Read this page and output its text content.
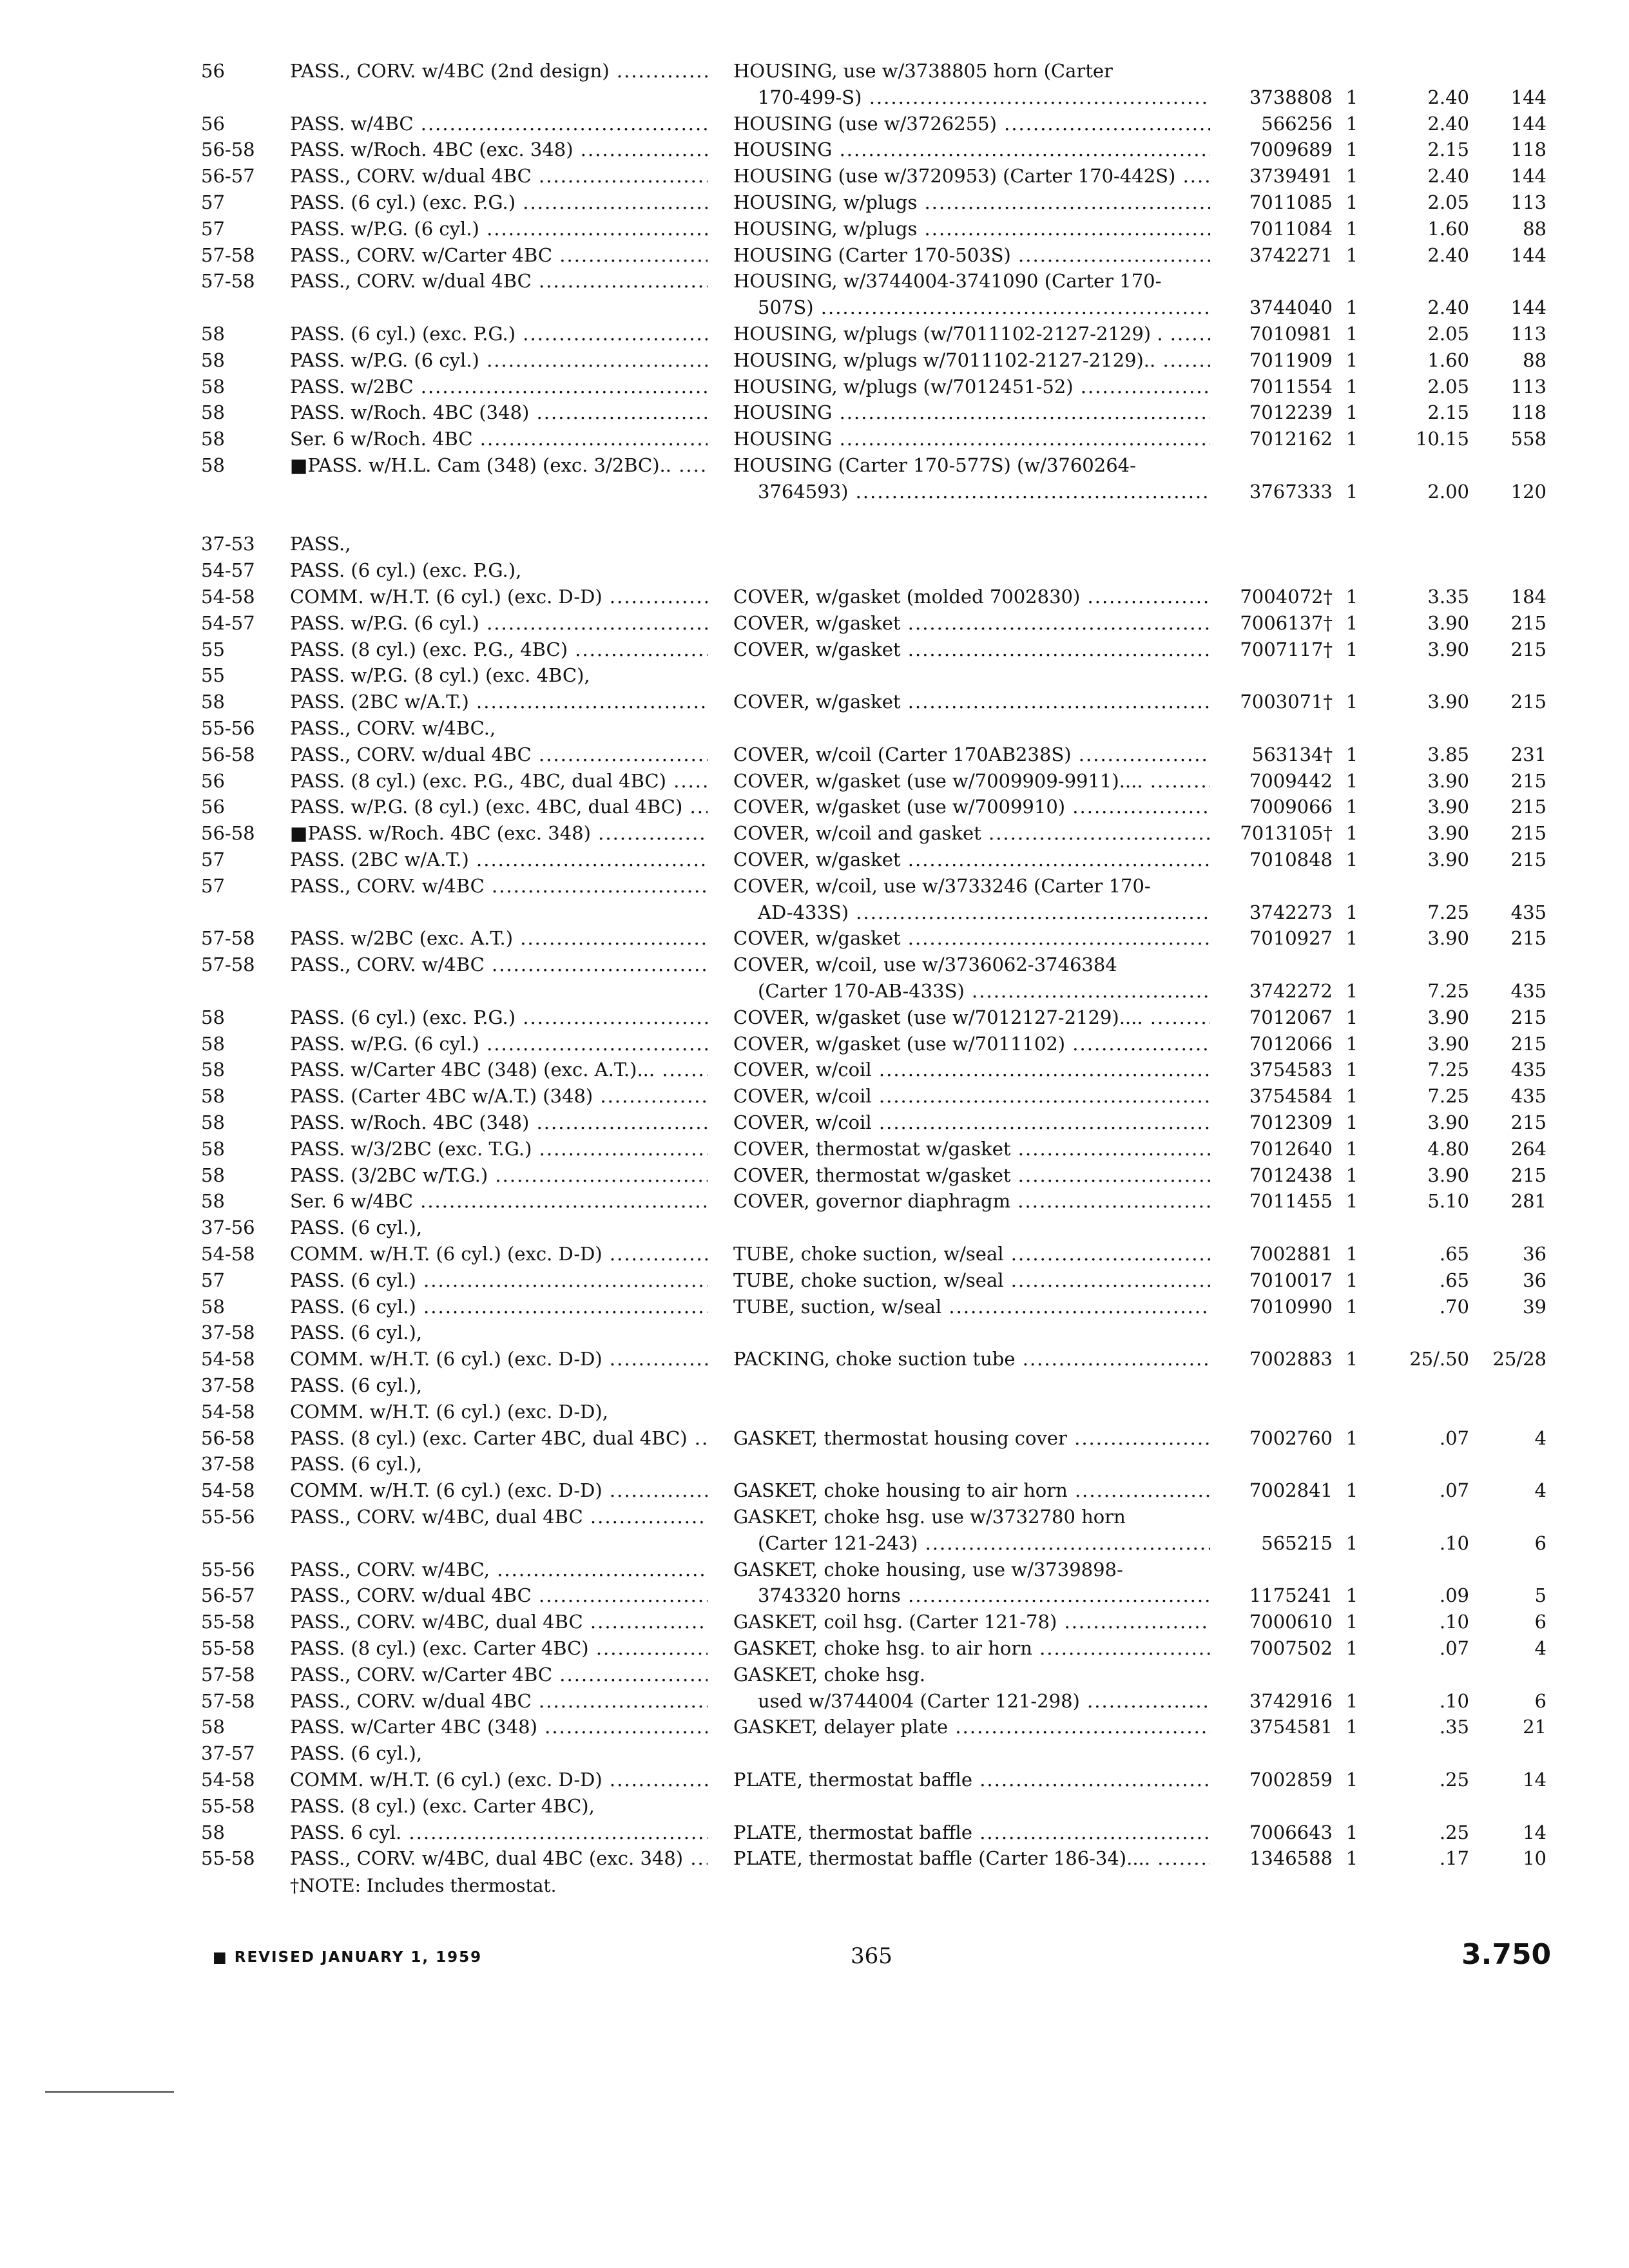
56	PASS., CORV. w/4BC (2nd design) .....	HOUSING, use w/3738805 horn (Carter
170-499-S) .....	3738808 1	2.40	144
56	PASS. w/4BC .....	HOUSING (use w/3726255) .....	566256 1	2.40	144
56-58	PASS. w/Roch. 4BC (exc. 348) .....	HOUSING .....	7009689 1	2.15	118
56-57	PASS., CORV. w/dual 4BC .....	HOUSING (use w/3720953) (Carter 170-442S) .....	3739491 1	2.40	144
57	PASS. (6 cyl.) (exc. P.G.) .....	HOUSING, w/plugs .....	7011085 1	2.05	113
57	PASS. w/P.G. (6 cyl.) .....	HOUSING, w/plugs .....	7011084 1	1.60	88
57-58	PASS., CORV. w/Carter 4BC .....	HOUSING (Carter 170-503S) .....	3742271 1	2.40	144
57-58	PASS., CORV. w/dual 4BC .....	HOUSING, w/3744004-3741090 (Carter 170-
507S) .....	3744040 1	2.40	144
58	PASS. (6 cyl.) (exc. P.G.) .....	HOUSING, w/plugs (w/7011102-2127-2129) . .....	7010981 1	2.05	113
58	PASS. w/P.G. (6 cyl.) .....	HOUSING, w/plugs w/7011102-2127-2129).. .....	7011909 1	1.60	88
58	PASS. w/2BC .....	HOUSING, w/plugs (w/7012451-52) .....	7011554 1	2.05	113
58	PASS. w/Roch. 4BC (348) .....	HOUSING .....	7012239 1	2.15	118
58	Ser. 6 w/Roch. 4BC .....	HOUSING .....	7012162 1	10.15	558
58	■PASS. w/H.L. Cam (348) (exc. 3/2BC).. .....	HOUSING (Carter 170-577S) (w/3760264-
3764593) .....	3767333 1	2.00	120
37-53	PASS.,
54-57	PASS. (6 cyl.) (exc. P.G.),
54-58	COMM. w/H.T. (6 cyl.) (exc. D-D) .....	COVER, w/gasket (molded 7002830) .....	7004072† 1	3.35	184
54-57	PASS. w/P.G. (6 cyl.) .....	COVER, w/gasket .....	7006137† 1	3.90	215
55	PASS. (8 cyl.) (exc. P.G., 4BC) .....	COVER, w/gasket .....	7007117† 1	3.90	215
55	PASS. w/P.G. (8 cyl.) (exc. 4BC),
58	PASS. (2BC w/A.T.) .....	COVER, w/gasket .....	7003071† 1	3.90	215
55-56	PASS., CORV. w/4BC.,
56-58	PASS., CORV. w/dual 4BC .....	COVER, w/coil (Carter 170AB238S) .....	563134† 1	3.85	231
56	PASS. (8 cyl.) (exc. P.G., 4BC, dual 4BC) .....	COVER, w/gasket (use w/7009909-9911).... .....	7009442 1	3.90	215
56	PASS. w/P.G. (8 cyl.) (exc. 4BC, dual 4BC) .....	COVER, w/gasket (use w/7009910) .....	7009066 1	3.90	215
56-58	■PASS. w/Roch. 4BC (exc. 348) .....	COVER, w/coil and gasket .....	7013105† 1	3.90	215
57	PASS. (2BC w/A.T.) .....	COVER, w/gasket .....	7010848 1	3.90	215
57	PASS., CORV. w/4BC .....	COVER, w/coil, use w/3733246 (Carter 170-
AD-433S) .....	3742273 1	7.25	435
57-58	PASS. w/2BC (exc. A.T.) .....	COVER, w/gasket .....	7010927 1	3.90	215
57-58	PASS., CORV. w/4BC .....	COVER, w/coil, use w/3736062-3746384
(Carter 170-AB-433S) .....	3742272 1	7.25	435
58	PASS. (6 cyl.) (exc. P.G.) .....	COVER, w/gasket (use w/7012127-2129).... .....	7012067 1	3.90	215
58	PASS. w/P.G. (6 cyl.) .....	COVER, w/gasket (use w/7011102) .....	7012066 1	3.90	215
58	PASS. w/Carter 4BC (348) (exc. A.T.)... .....	COVER, w/coil .....	3754583 1	7.25	435
58	PASS. (Carter 4BC w/A.T.) (348) .....	COVER, w/coil .....	3754584 1	7.25	435
58	PASS. w/Roch. 4BC (348) .....	COVER, w/coil .....	7012309 1	3.90	215
58	PASS. w/3/2BC (exc. T.G.) .....	COVER, thermostat w/gasket .....	7012640 1	4.80	264
58	PASS. (3/2BC w/T.G.) .....	COVER, thermostat w/gasket .....	7012438 1	3.90	215
58	Ser. 6 w/4BC .....	COVER, governor diaphragm .....	7011455 1	5.10	281
37-56	PASS. (6 cyl.),
54-58	COMM. w/H.T. (6 cyl.) (exc. D-D) .....	TUBE, choke suction, w/seal .....	7002881 1	.65	36
57	PASS. (6 cyl.) .....	TUBE, choke suction, w/seal .....	7010017 1	.65	36
58	PASS. (6 cyl.) .....	TUBE, suction, w/seal .....	7010990 1	.70	39
37-58	PASS. (6 cyl.),
54-58	COMM. w/H.T. (6 cyl.) (exc. D-D) .....	PACKING, choke suction tube .....	7002883 1	25/.50	25/28
37-58	PASS. (6 cyl.),
54-58	COMM. w/H.T. (6 cyl.) (exc. D-D),
56-58	PASS. (8 cyl.) (exc. Carter 4BC, dual 4BC) .....	GASKET, thermostat housing cover .....	7002760 1	.07	4
37-58	PASS. (6 cyl.),
54-58	COMM. w/H.T. (6 cyl.) (exc. D-D) .....	GASKET, choke housing to air horn .....	7002841 1	.07	4
55-56	PASS., CORV. w/4BC, dual 4BC .....	GASKET, choke hsg. use w/3732780 horn
(Carter 121-243) .....	565215 1	.10	6
55-56	PASS., CORV. w/4BC, .....	GASKET, choke housing, use w/3739898-
56-57	PASS., CORV. w/dual 4BC .....	3743320 horns .....	1175241 1	.09	5
55-58	PASS., CORV. w/4BC, dual 4BC .....	GASKET, coil hsg. (Carter 121-78) .....	7000610 1	.10	6
55-58	PASS. (8 cyl.) (exc. Carter 4BC) .....	GASKET, choke hsg. to air horn .....	7007502 1	.07	4
57-58	PASS., CORV. w/Carter 4BC .....	GASKET, choke hsg.
57-58	PASS., CORV. w/dual 4BC .....	used w/3744004 (Carter 121-298) .....	3742916 1	.10	6
58	PASS. w/Carter 4BC (348) .....	GASKET, delayer plate .....	3754581 1	.35	21
37-57	PASS. (6 cyl.),
54-58	COMM. w/H.T. (6 cyl.) (exc. D-D) .....	PLATE, thermostat baffle .....	7002859 1	.25	14
55-58	PASS. (8 cyl.) (exc. Carter 4BC),
58	PASS. 6 cyl. .....	PLATE, thermostat baffle .....	7006643 1	.25	14
55-58	PASS., CORV. w/4BC, dual 4BC (exc. 348) .....	PLATE, thermostat baffle (Carter 186-34).... .....	1346588 1	.17	10
†NOTE: Includes thermostat.
■ REVISED JANUARY 1, 1959	365	3.750
